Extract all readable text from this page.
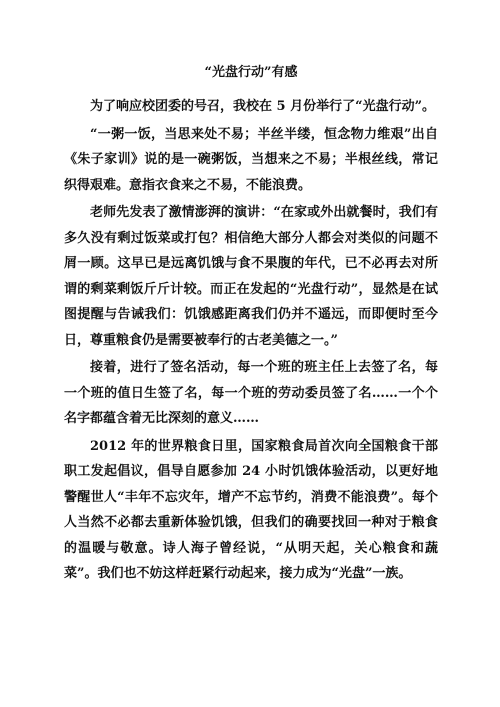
“光盘行动”有感

为了响应校团委的号召，我校在 5 月份举行了“光盘行动”。

“一粥一饭，当思来处不易；半丝半缕，恒念物力维艰”出自《朱子家训》说的是一碗粥饭，当想来之不易；半根丝线，常记织得艰难。意指衣食来之不易，不能浪费。

老师先发表了激情澎湃的演讲：“在家或外出就餐时，我们有多久没有剩过饭菜或打包？相信绝大部分人都会对类似的问题不屑一顾。这早已是远离饥饿与食不果腹的年代，已不必再去对所谓的剩菜剩饭斤斤计较。而正在发起的“光盘行动”，显然是在试图提醒与告诫我们：饥饿感距离我们仍并不遥远，而即便时至今日，尊重粮食仍是需要被奉行的古老美德之一。”

接着，进行了签名活动，每一个班的班主任上去签了名，每一个班的值日生签了名，每一个班的劳动委员签了名……一个个名字都蕴含着无比深刻的意义……

2012 年的世界粮食日里，国家粮食局首次向全国粮食干部职工发起倡议，倡导自愿参加 24 小时饥饿体验活动，以更好地警醒世人“丰年不忘灾年，增产不忘节约，消费不能浪费”。每个人当然不必都去重新体验饥饿，但我们的确要找回一种对于粮食的温暖与敬意。诗人海子曾经说，“从明天起，关心粮食和蔬菜”。我们也不妨这样赶紧行动起来，接力成为“光盘”一族。
